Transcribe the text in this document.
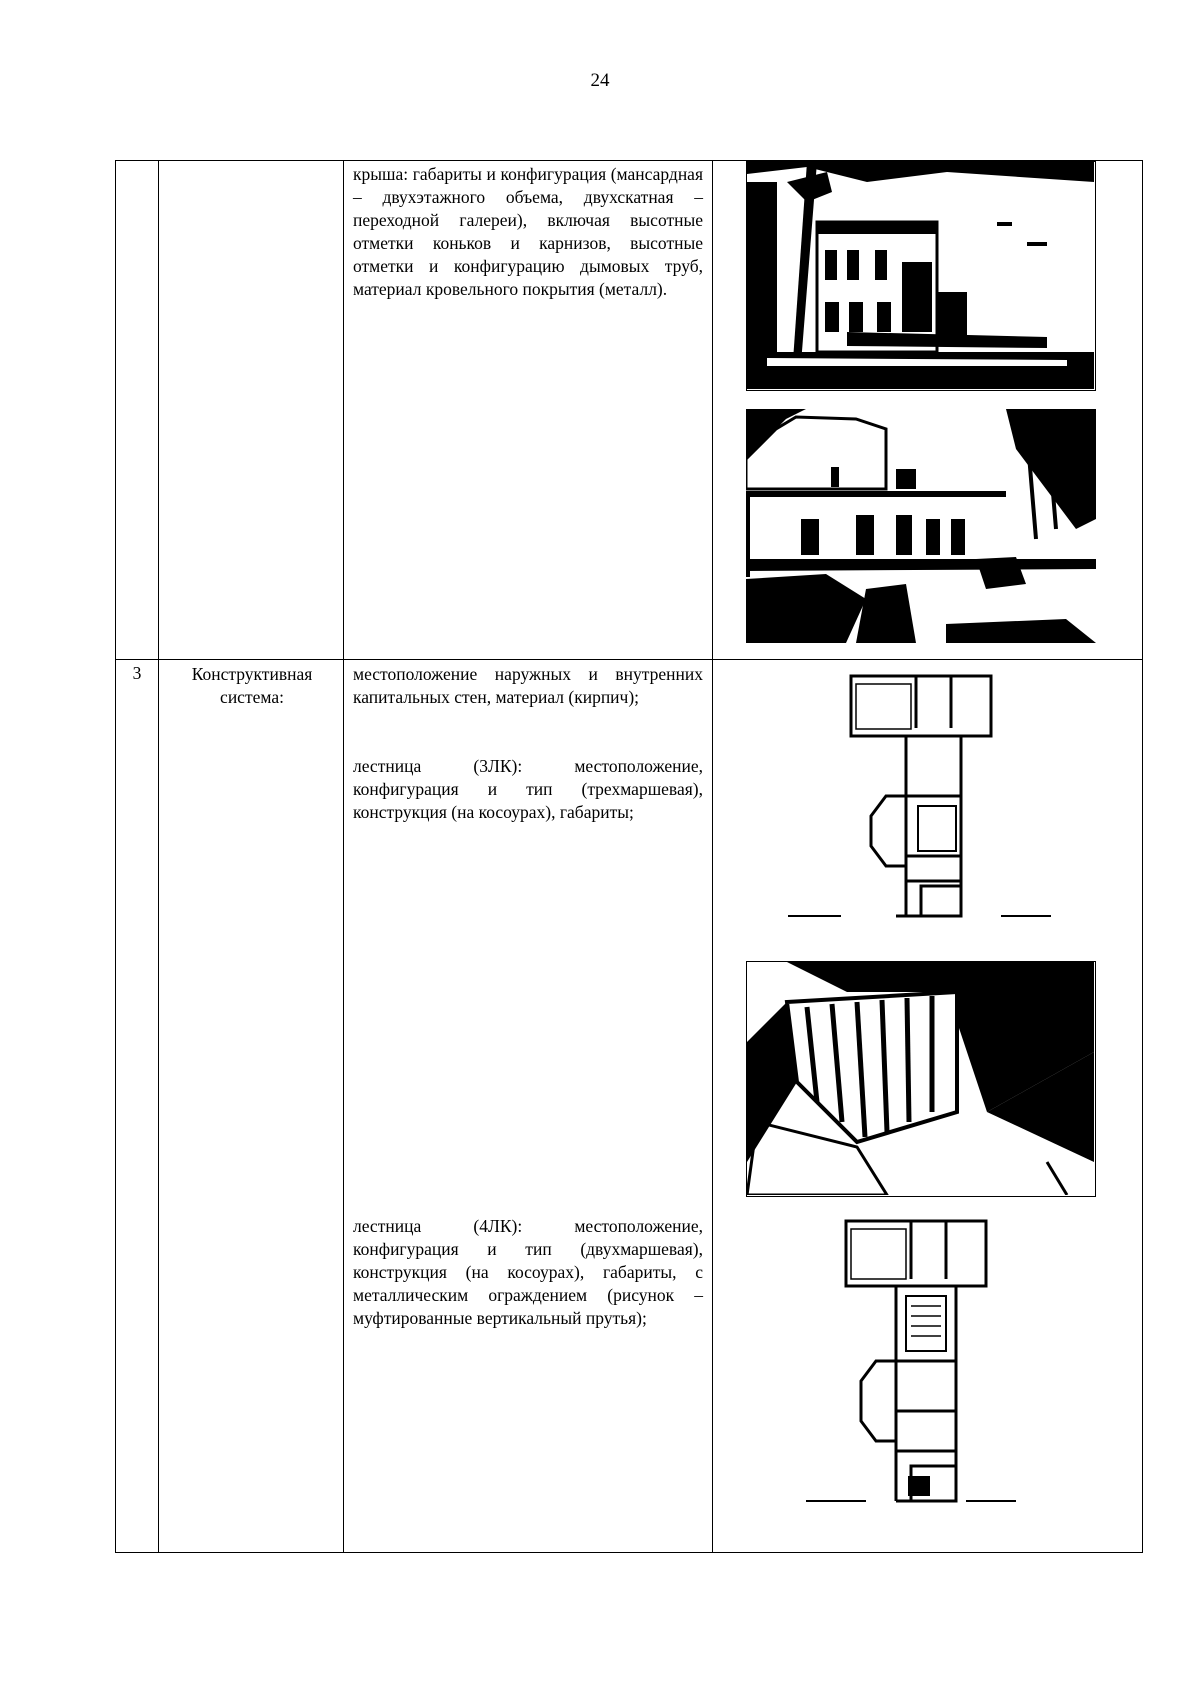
24
крыша: габариты и конфигурация (мансардная – двухэтажного объема, двухскатная – переходной галереи), включая высотные отметки коньков и карнизов, высотные отметки и конфигурацию дымовых труб, материал кровельного покрытия (металл).
3	Конструктивная система:
местоположение наружных и внутренних капитальных стен, материал (кирпич);
лестница (3ЛК): местоположение, конфигурация и тип (трехмаршевая), конструкция (на косоурах), габариты;
лестница (4ЛК): местоположение, конфигурация и тип (двухмаршевая), конструкция (на косоурах), габариты, с металлическим ограждением (рисунок – муфтированные вертикальный прутья);
